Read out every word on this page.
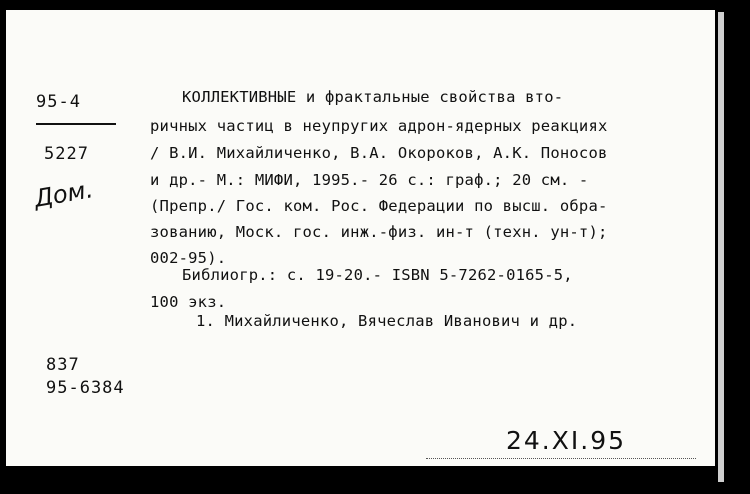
95-4
5227
Дом.
КОЛЛЕКТИВНЫЕ и фрактальные свойства вто-
ричных частиц в неупругих адрон-ядерных реакциях
/ В.И. Михайличенко, В.А. Окороков, А.К. Поносов
и др.- М.: МИФИ, 1995.- 26 с.: граф.; 20 см. -
(Препр./ Гос. ком. Рос. Федерации по высш. обра-
зованию, Моск. гос. инж.-физ. ин-т (техн. ун-т);
002-95).
Библиогр.: с. 19-20.- ISBN 5-7262-0165-5,
100 экз.
1. Михайличенко, Вячеслав Иванович и др.
837
95-6384
24.XI.95
